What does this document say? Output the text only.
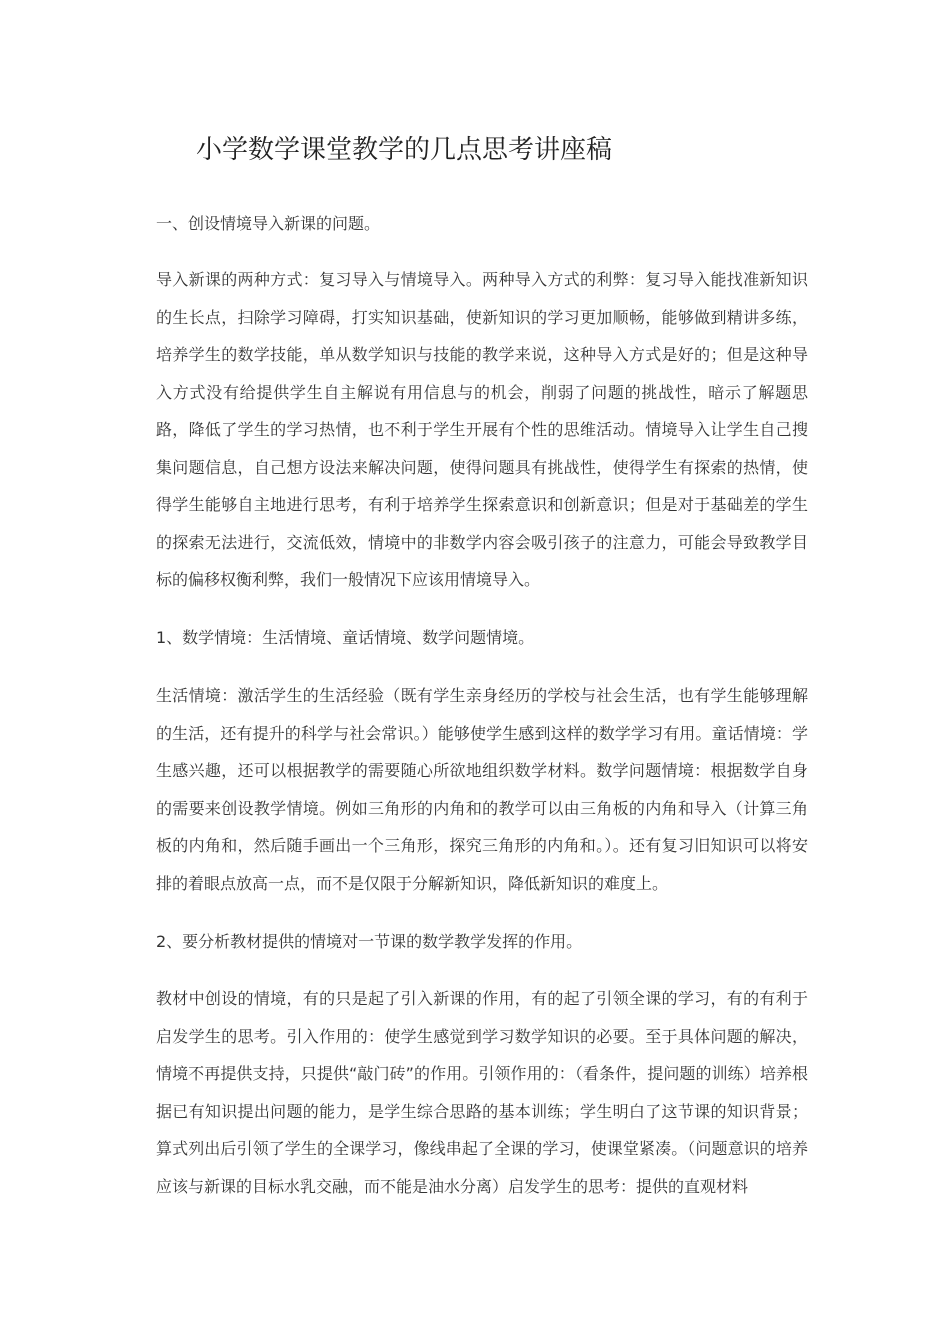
小学数学课堂教学的几点思考讲座稿

一、创设情境导入新课的问题。

导入新课的两种方式：复习导入与情境导入。两种导入方式的利弊：复习导入能找准新知识的生长点，扫除学习障碍，打实知识基础，使新知识的学习更加顺畅，能够做到精讲多练，培养学生的数学技能，单从数学知识与技能的教学来说，这种导入方式是好的；但是这种导入方式没有给提供学生自主解说有用信息与的机会，削弱了问题的挑战性，暗示了解题思路，降低了学生的学习热情，也不利于学生开展有个性的思维活动。情境导入让学生自己搜集问题信息，自己想方设法来解决问题，使得问题具有挑战性，使得学生有探索的热情，使得学生能够自主地进行思考，有利于培养学生探索意识和创新意识；但是对于基础差的学生的探索无法进行，交流低效，情境中的非数学内容会吸引孩子的注意力，可能会导致教学目标的偏移权衡利弊，我们一般情况下应该用情境导入。

1、数学情境：生活情境、童话情境、数学问题情境。

生活情境：激活学生的生活经验（既有学生亲身经历的学校与社会生活，也有学生能够理解的生活，还有提升的科学与社会常识。）能够使学生感到这样的数学学习有用。童话情境：学生感兴趣，还可以根据教学的需要随心所欲地组织数学材料。数学问题情境：根据数学自身的需要来创设教学情境。例如三角形的内角和的教学可以由三角板的内角和导入（计算三角板的内角和，然后随手画出一个三角形，探究三角形的内角和。）。还有复习旧知识可以将安排的着眼点放高一点，而不是仅限于分解新知识，降低新知识的难度上。

2、要分析教材提供的情境对一节课的数学教学发挥的作用。

教材中创设的情境，有的只是起了引入新课的作用，有的起了引领全课的学习，有的有利于启发学生的思考。引入作用的：使学生感觉到学习数学知识的必要。至于具体问题的解决，情境不再提供支持，只提供“敲门砖”的作用。引领作用的：（看条件，提问题的训练）培养根据已有知识提出问题的能力，是学生综合思路的基本训练；学生明白了这节课的知识背景；算式列出后引领了学生的全课学习，像线串起了全课的学习，使课堂紧凑。（问题意识的培养应该与新课的目标水乳交融，而不能是油水分离）启发学生的思考：提供的直观材料
